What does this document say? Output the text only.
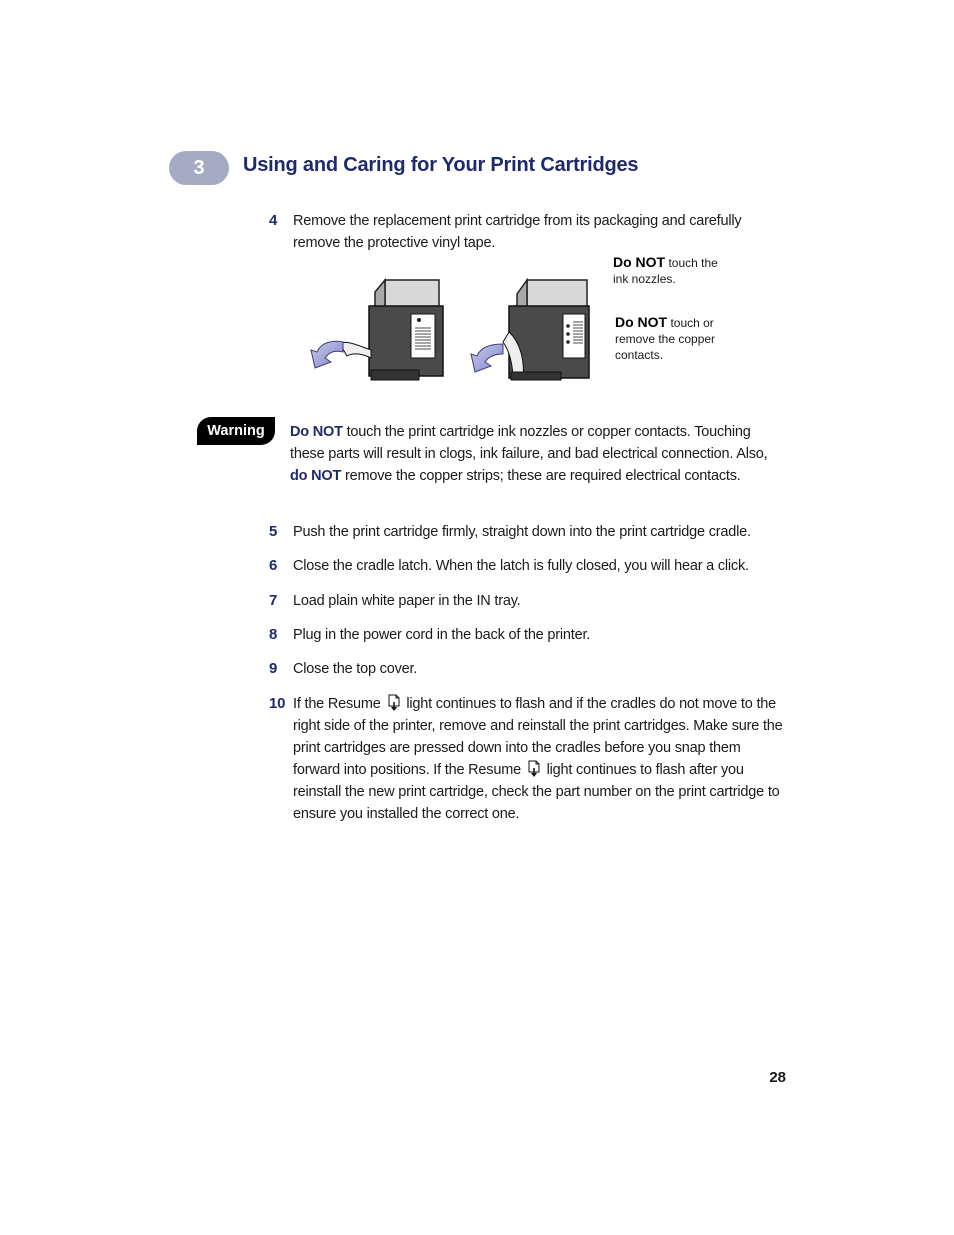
3	Using and Caring for Your Print Cartridges
4 Remove the replacement print cartridge from its packaging and carefully remove the protective vinyl tape.
Do NOT touch the ink nozzles.
Do NOT touch or remove the copper contacts.
Warning	Do NOT touch the print cartridge ink nozzles or copper contacts. Touching these parts will result in clogs, ink failure, and bad electrical connection. Also, do NOT remove the copper strips; these are required electrical contacts.
5 Push the print cartridge firmly, straight down into the print cartridge cradle.
6 Close the cradle latch. When the latch is fully closed, you will hear a click.
7 Load plain white paper in the IN tray.
8 Plug in the power cord in the back of the printer.
9 Close the top cover.
10 If the Resume  light continues to flash and if the cradles do not move to the right side of the printer, remove and reinstall the print cartridges. Make sure the print cartridges are pressed down into the cradles before you snap them forward into positions. If the Resume  light continues to flash after you reinstall the new print cartridge, check the part number on the print cartridge to ensure you installed the correct one.
28
